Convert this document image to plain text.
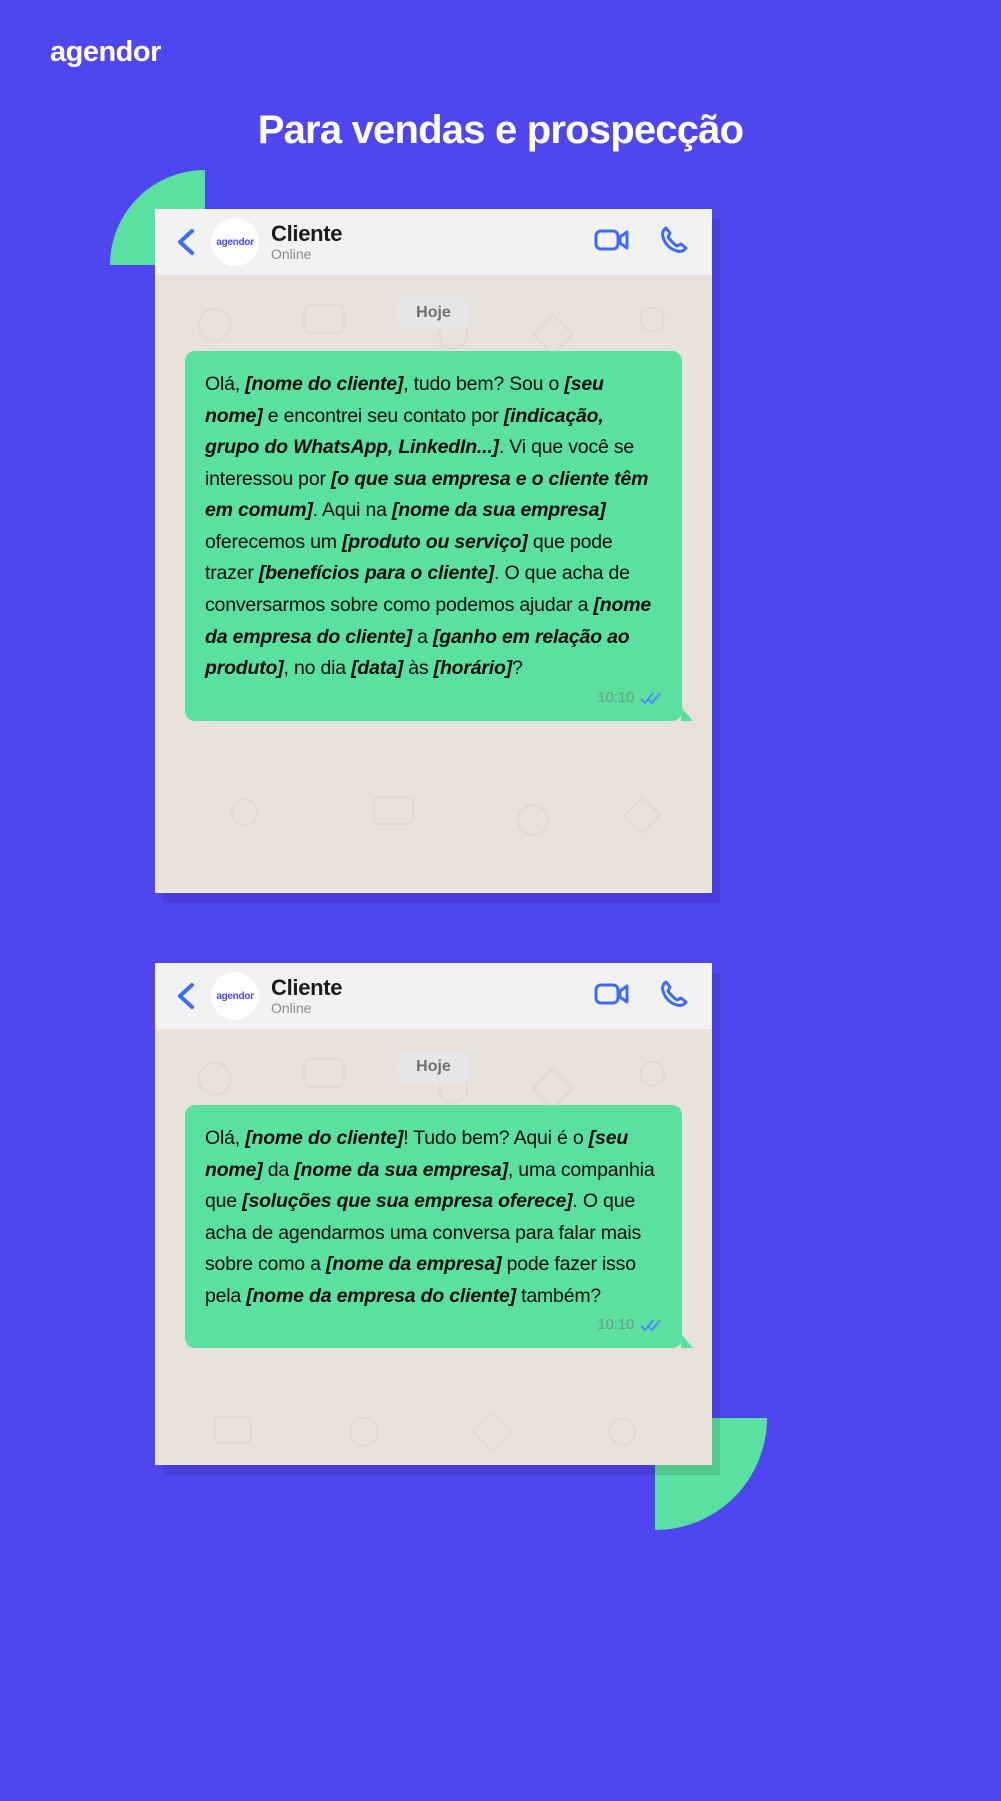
agendor
Para vendas e prospecção
agendor Cliente
Online
Hoje
Olá, [nome do cliente], tudo bem? Sou o [seu nome] e encontrei seu contato por [indicação, grupo do WhatsApp, LinkedIn...]. Vi que você se interessou por [o que sua empresa e o cliente têm em comum]. Aqui na [nome da sua empresa] oferecemos um [produto ou serviço] que pode trazer [benefícios para o cliente]. O que acha de conversarmos sobre como podemos ajudar a [nome da empresa do cliente] a [ganho em relação ao produto], no dia [data] às [horário]?
10:10
agendor Cliente
Online
Hoje
Olá, [nome do cliente]! Tudo bem? Aqui é o [seu nome] da [nome da sua empresa], uma companhia que [soluções que sua empresa oferece]. O que acha de agendarmos uma conversa para falar mais sobre como a [nome da empresa] pode fazer isso pela [nome da empresa do cliente] também?
10:10
